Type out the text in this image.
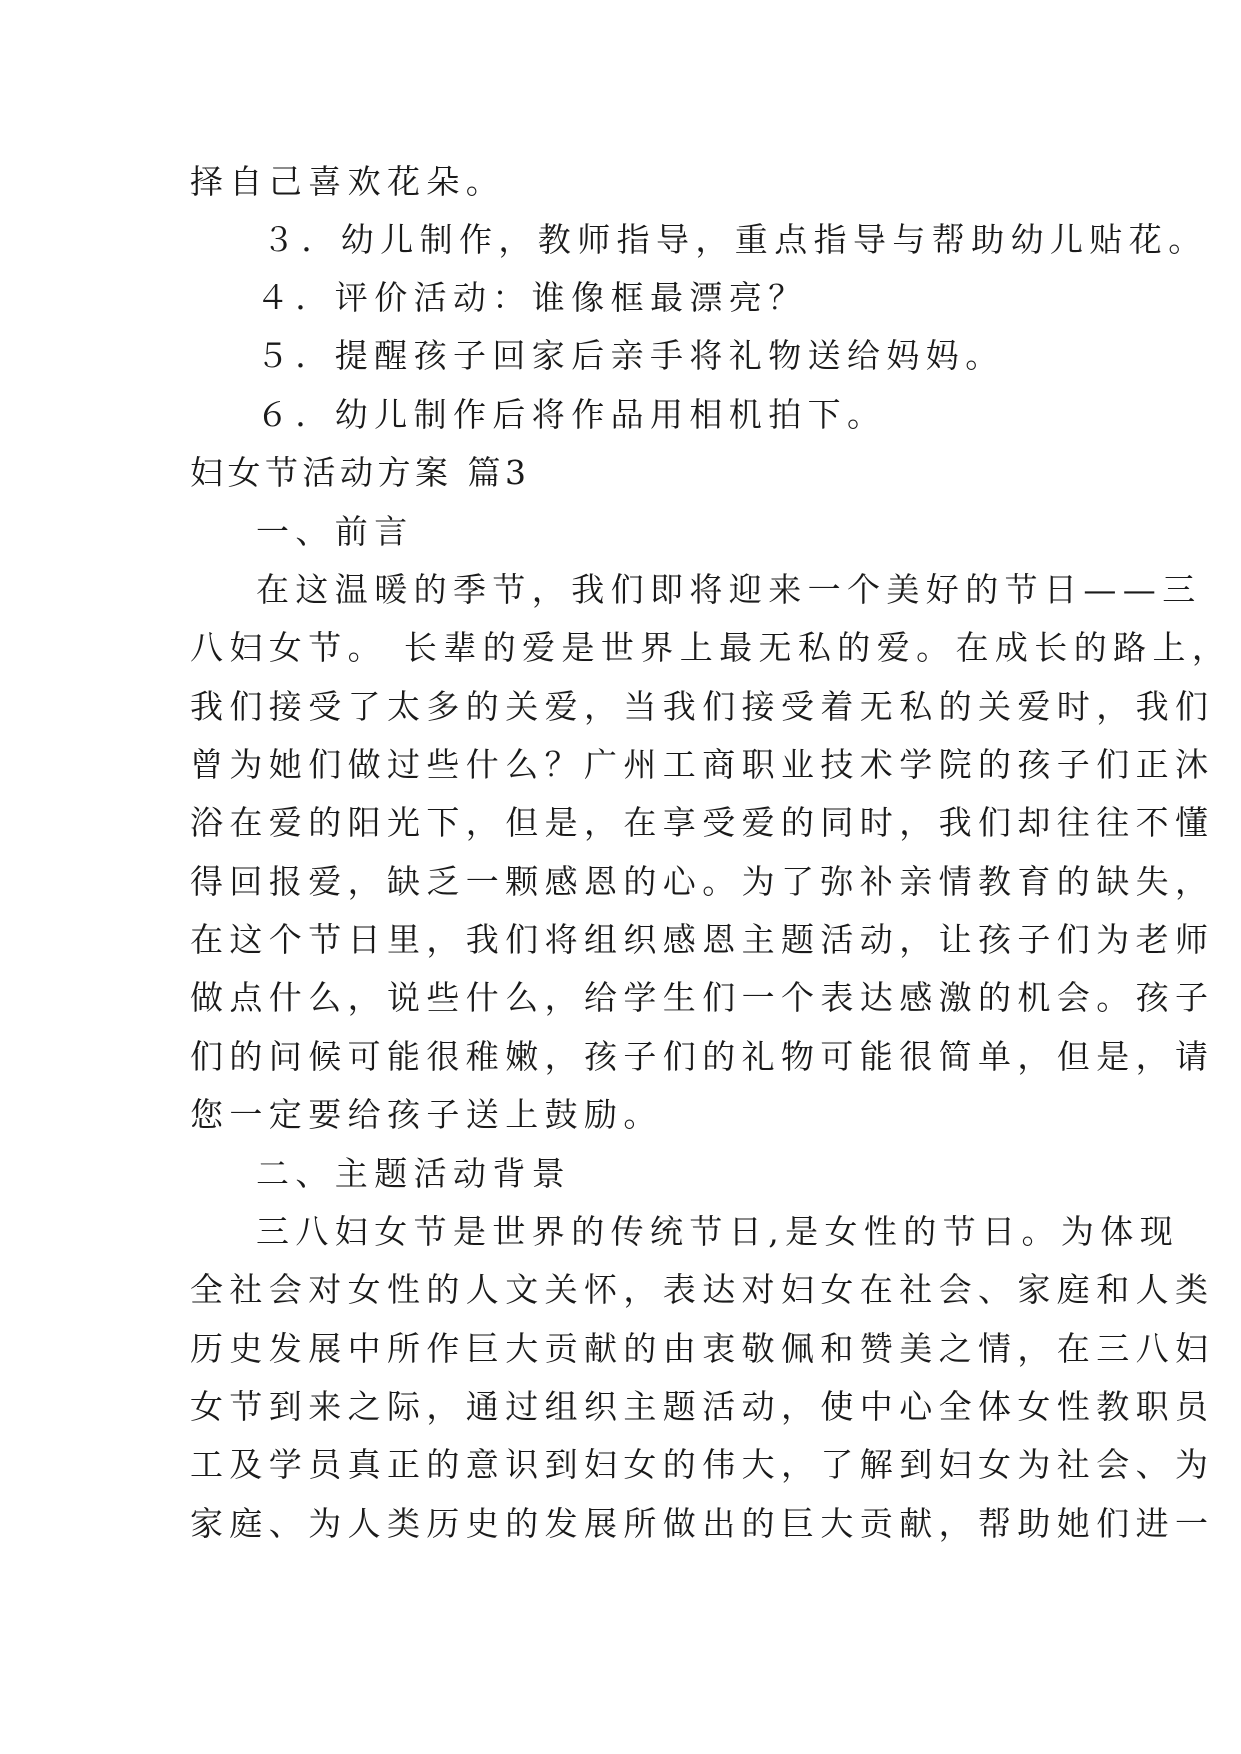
择自己喜欢花朵。
３．幼儿制作，教师指导，重点指导与帮助幼儿贴花。
４．评价活动：谁像框最漂亮？
５．提醒孩子回家后亲手将礼物送给妈妈。
６．幼儿制作后将作品用相机拍下。
妇女节活动方案 篇3
一、前言
在这温暖的季节，我们即将迎来一个美好的节日——三
八妇女节。 长辈的爱是世界上最无私的爱。在成长的路上，
我们接受了太多的关爱，当我们接受着无私的关爱时，我们
曾为她们做过些什么？广州工商职业技术学院的孩子们正沐
浴在爱的阳光下，但是，在享受爱的同时，我们却往往不懂
得回报爱，缺乏一颗感恩的心。为了弥补亲情教育的缺失，
在这个节日里，我们将组织感恩主题活动，让孩子们为老师
做点什么，说些什么，给学生们一个表达感激的机会。孩子
们的问候可能很稚嫩，孩子们的礼物可能很简单，但是，请
您一定要给孩子送上鼓励。
二、主题活动背景
三八妇女节是世界的传统节日,是女性的节日。为体现
全社会对女性的人文关怀，表达对妇女在社会、家庭和人类
历史发展中所作巨大贡献的由衷敬佩和赞美之情，在三八妇
女节到来之际，通过组织主题活动，使中心全体女性教职员
工及学员真正的意识到妇女的伟大，了解到妇女为社会、为
家庭、为人类历史的发展所做出的巨大贡献，帮助她们进一
